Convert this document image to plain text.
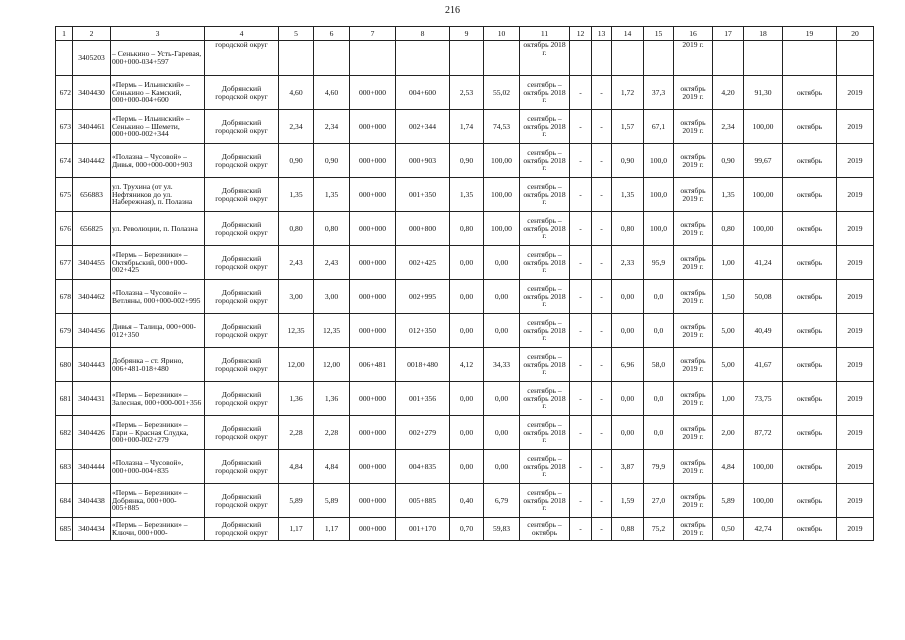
216
1	2	3	4	5	6	7	8	9	10	11	12	13	14	15	16	17	18	19	20
	3405203	– Сенькино – Усть-Гаревая, 000+000-034+597	городской округ							октябрь 2018 г.					2019 г.				
672	3404430	«Пермь – Ильинский» – Сенькино – Камский, 000+000-004+600	Добрянский городской округ	4,60	4,60	000+000	004+600	2,53	55,02	сентябрь – октябрь 2018 г.	-	-	1,72	37,3	октябрь 2019 г.	4,20	91,30	октябрь	2019
673	3404461	«Пермь – Ильинский» – Сенькино – Шемети, 000+000-002+344	Добрянский городской округ	2,34	2,34	000+000	002+344	1,74	74,53	сентябрь – октябрь 2018 г.	-	-	1,57	67,1	октябрь 2019 г.	2,34	100,00	октябрь	2019
674	3404442	«Полазна – Чусовой» – Дивья, 000+000-000+903	Добрянский городской округ	0,90	0,90	000+000	000+903	0,90	100,00	сентябрь – октябрь 2018 г.	-	-	0,90	100,0	октябрь 2019 г.	0,90	99,67	октябрь	2019
675	656883	ул. Трухина (от ул. Нефтяников до ул. Набережная), п. Полазна	Добрянский городской округ	1,35	1,35	000+000	001+350	1,35	100,00	сентябрь – октябрь 2018 г.	-	-	1,35	100,0	октябрь 2019 г.	1,35	100,00	октябрь	2019
676	656825	ул. Революции, п. Полазна	Добрянский городской округ	0,80	0,80	000+000	000+800	0,80	100,00	сентябрь – октябрь 2018 г.	-	-	0,80	100,0	октябрь 2019 г.	0,80	100,00	октябрь	2019
677	3404455	«Пермь – Березники» – Октябрьский, 000+000-002+425	Добрянский городской округ	2,43	2,43	000+000	002+425	0,00	0,00	сентябрь – октябрь 2018 г.	-	-	2,33	95,9	октябрь 2019 г.	1,00	41,24	октябрь	2019
678	3404462	«Полазна – Чусовой» – Ветляны, 000+000-002+995	Добрянский городской округ	3,00	3,00	000+000	002+995	0,00	0,00	сентябрь – октябрь 2018 г.	-	-	0,00	0,0	октябрь 2019 г.	1,50	50,08	октябрь	2019
679	3404456	Дивья – Талица, 000+000-012+350	Добрянский городской округ	12,35	12,35	000+000	012+350	0,00	0,00	сентябрь – октябрь 2018 г.	-	-	0,00	0,0	октябрь 2019 г.	5,00	40,49	октябрь	2019
680	3404443	Добрянка – ст. Ярино, 006+481-018+480	Добрянский городской округ	12,00	12,00	006+481	0018+480	4,12	34,33	сентябрь – октябрь 2018 г.	-	-	6,96	58,0	октябрь 2019 г.	5,00	41,67	октябрь	2019
681	3404431	«Пермь – Березники» – Залесная, 000+000-001+356	Добрянский городской округ	1,36	1,36	000+000	001+356	0,00	0,00	сентябрь – октябрь 2018 г.	-	-	0,00	0,0	октябрь 2019 г.	1,00	73,75	октябрь	2019
682	3404426	«Пермь – Березники» – Гари – Красная Слудка, 000+000-002+279	Добрянский городской округ	2,28	2,28	000+000	002+279	0,00	0,00	сентябрь – октябрь 2018 г.	-	-	0,00	0,0	октябрь 2019 г.	2,00	87,72	октябрь	2019
683	3404444	«Полазна – Чусовой», 000+000-004+835	Добрянский городской округ	4,84	4,84	000+000	004+835	0,00	0,00	сентябрь – октябрь 2018 г.	-	-	3,87	79,9	октябрь 2019 г.	4,84	100,00	октябрь	2019
684	3404438	«Пермь – Березники» – Добрянка, 000+000-005+885	Добрянский городской округ	5,89	5,89	000+000	005+885	0,40	6,79	сентябрь – октябрь 2018 г.	-	-	1,59	27,0	октябрь 2019 г.	5,89	100,00	октябрь	2019
685	3404434	«Пермь – Березники» – Ключи, 000+000-	Добрянский городской округ	1,17	1,17	000+000	001+170	0,70	59,83	сентябрь – октябрь	-	-	0,88	75,2	октябрь 2019 г.	0,50	42,74	октябрь	2019
